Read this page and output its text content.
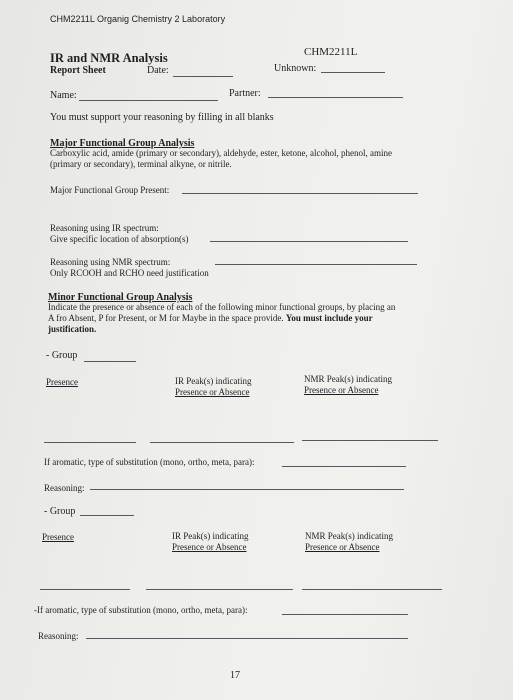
CHM2211L Organig Chemistry 2 Laboratory
IR and NMR Analysis
Report Sheet	Date:
CHM2211L
Unknown:
Name:	Partner:
You must support your reasoning by filling in all blanks
Major Functional Group Analysis
Carboxylic acid, amide (primary or secondary), aldehyde, ester, ketone, alcohol, phenol, amine
(primary or secondary), terminal alkyne, or nitrile.
Major Functional Group Present:
Reasoning using IR spectrum:
Give specific location of absorption(s)
Reasoning using NMR spectrum:
Only RCOOH and RCHO need justification
Minor Functional Group Analysis
Indicate the presence or absence of each of the following minor functional groups, by placing an
A fro Absent, P for Present, or M for Maybe in the space provide. You must include your
justification.
- Group
Presence	IR Peak(s) indicating
Presence or Absence
NMR Peak(s) indicating
Presence or Absence
If aromatic, type of substitution (mono, ortho, meta, para):
Reasoning:
- Group
Presence	IR Peak(s) indicating
Presence or Absence
NMR Peak(s) indicating
Presence or Absence
-If aromatic, type of substitution (mono, ortho, meta, para):
Reasoning:
17
